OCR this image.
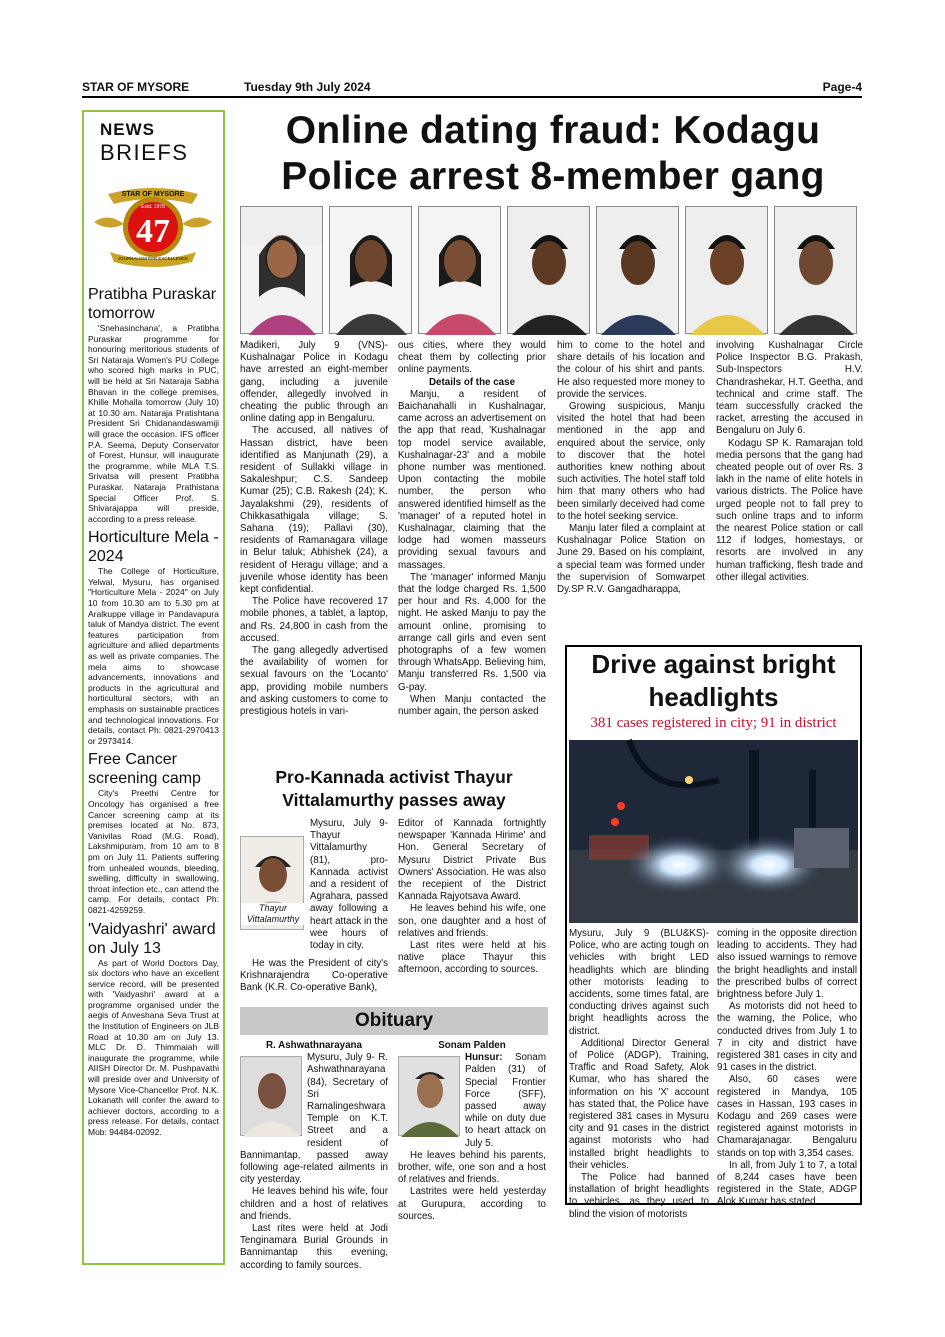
STAR OF MYSORE	Tuesday 9th July 2024	Page-4
NEWS
BRIEFS
STAR OF MYSORE
Estd. 1978
47
JOURNALISM PAR EXCELLENCE
Pratibha Puraskar tomorrow
'Snehasinchana', a Pratibha Puraskar programme for honouring meritorious students of Sri Nataraja Women's PU College who scored high marks in PUC, will be held at Sri Nataraja Sabha Bhavan in the college premises, Khille Mohalla tomorrow (July 10) at 10.30 am. Nataraja Pratishtana President Sri Chidanandaswamiji will grace the occasion. IFS officer P.A. Seema, Deputy Conservator of Forest, Hunsur, will inaugurate the programme, while MLA T.S. Srivatsa will present Pratibha Puraskar. Nataraja Prathistana Special Officer Prof. S. Shivarajappa will preside, according to a press release.
Horticulture Mela - 2024
The College of Horticulture, Yelwal, Mysuru, has organised "Horticulture Mela - 2024" on July 10 from 10.30 am to 5.30 pm at Aralkuppe village in Pandavapura taluk of Mandya district. The event features participation from agriculture and allied departments as well as private companies. The mela aims to showcase advancements, innovations and products in the agricultural and horticultural sectors, with an emphasis on sustainable practices and technological innovations. For details, contact Ph: 0821-2970413 or 2973414.
Free Cancer screening camp
City's Preethi Centre for Oncology has organised a free Cancer screening camp at its premises located at No. 873, Vanivilas Road (M.G. Road), Lakshmipuram, from 10 am to 8 pm on July 11. Patients suffering from unhealed wounds, bleeding, swelling, difficulty in swallowing, throat infection etc., can attend the camp. For details, contact Ph: 0821-4259259.
'Vaidyashri' award on July 13
As part of World Doctors Day, six doctors who have an excellent service record, will be presented with 'Vaidyashri' award at a programme organised under the aegis of Anveshana Seva Trust at the Institution of Engineers on JLB Road at 10.30 am on July 13. MLC Dr. D. Thimmaiah will inaugurate the programme, while AIISH Director Dr. M. Pushpavathi will preside over and University of Mysore Vice-Chancellor Prof. N.K. Lokanath will confer the award to achiever doctors, according to a press release. For details, contact Mob: 94484-02092.
Online dating fraud: Kodagu Police arrest 8-member gang

Madikeri, July 9 (VNS)- Kushalnagar Police in Kodagu have arrested an eight-member gang, including a juvenile offender, allegedly involved in cheating the public through an online dating app in Bengaluru.

The accused, all natives of Hassan district, have been identified as Manjunath (29), a resident of Sullakki village in Sakaleshpur; C.S. Sandeep Kumar (25); C.B. Rakesh (24); K. Jayalakshmi (29), residents of Chikkasathigala village; S. Sahana (19); Pallavi (30), residents of Ramanagara village in Belur taluk; Abhishek (24), a resident of Heragu village; and a juvenile whose identity has been kept confidential.

The Police have recovered 17 mobile phones, a tablet, a laptop, and Rs. 24,800 in cash from the accused.

The gang allegedly advertised the availability of women for sexual favours on the 'Locanto' app, providing mobile numbers and asking customers to come to prestigious hotels in vari-

ous cities, where they would cheat them by collecting prior online payments.

Details of the case

Manju, a resident of Baichanahalli in Kushalnagar, came across an advertisement on the app that read, 'Kushalnagar top model service available, Kushalnagar-23' and a mobile phone number was mentioned. Upon contacting the mobile number, the person who answered identified himself as the 'manager' of a reputed hotel in Kushalnagar, claiming that the lodge had women masseurs providing sexual favours and massages.

The 'manager' informed Manju that the lodge charged Rs. 1,500 per hour and Rs. 4,000 for the night. He asked Manju to pay the amount online, promising to arrange call girls and even sent photographs of a few women through WhatsApp. Believing him, Manju transferred Rs. 1,500 via G-pay.

When Manju contacted the number again, the person asked

him to come to the hotel and share details of his location and the colour of his shirt and pants. He also requested more money to provide the services.

Growing suspicious, Manju visited the hotel that had been mentioned in the app and enquired about the service, only to discover that the hotel authorities knew nothing about such activities. The hotel staff told him that many others who had been similarly deceived had come to the hotel seeking service.

Manju later filed a complaint at Kushalnagar Police Station on June 29. Based on his complaint, a special team was formed under the supervision of Somwarpet Dy.SP R.V. Gangadharappa,

involving Kushalnagar Circle Police Inspector B.G. Prakash, Sub-Inspectors H.V. Chandrashekar, H.T. Geetha, and technical and crime staff. The team successfully cracked the racket, arresting the accused in Bengaluru on July 6.

Kodagu SP K. Ramarajan told media persons that the gang had cheated people out of over Rs. 3 lakh in the name of elite hotels in various districts. The Police have urged people not to fall prey to such online traps and to inform the nearest Police station or call 112 if lodges, homestays, or resorts are involved in any human trafficking, flesh trade and other illegal activities.

Pro-Kannada activist Thayur Vittalamurthy passes away
Thayur Vittalamurthy

Mysuru, July 9- Thayur Vittalamurthy (81), pro-Kannada activist and a resident of Agrahara, passed away following a heart attack in the wee hours of today in city.

He was the President of city's Krishnarajendra Co-operative Bank (K.R. Co-operative Bank),

Editor of Kannada fortnightly newspaper 'Kannada Hirime' and Hon. General Secretary of Mysuru District Private Bus Owners' Association. He was also the recepient of the District Kannada Rajyotsava Award.

He leaves behind his wife, one son, one daughter and a host of relatives and friends.

Last rites were held at his native place Thayur this afternoon, according to sources.

Obituary

R. Ashwathnarayana

Mysuru, July 9- R. Ashwathnarayana (84), Secretary of Sri Ramalingeshwara Temple on K.T. Street and a resident of Bannimantap, passed away following age-related ailments in city yesterday.

He leaves behind his wife, four children and a host of relatives and friends.

Last rites were held at Jodi Tenginamara Burial Grounds in Bannimantap this evening, according to family sources.

Sonam Palden

Hunsur: Sonam Palden (31) of Special Frontier Force (SFF), passed away while on duty due to heart attack on July 5.

He leaves behind his parents, brother, wife, one son and a host of relatives and friends.

Lastrites were held yesterday at Gurupura, according to sources.

Drive against bright headlights
381 cases registered in city; 91 in district

Mysuru, July 9 (BLU&KS)- Police, who are acting tough on vehicles with bright LED headlights which are blinding other motorists leading to accidents, some times fatal, are conducting drives against such bright headlights across the district.

Additional Director General of Police (ADGP), Training, Traffic and Road Safety, Alok Kumar, who has shared the information on his 'X' account has stated that, the Police have registered 381 cases in Mysuru city and 91 cases in the district against motorists who had installed bright headlights to their vehicles.

The Police had banned installation of bright headlights to vehicles, as they used to blind the vision of motorists

coming in the opposite direction leading to accidents. They had also issued warnings to remove the bright headlights and install the prescribed bulbs of correct brightness before July 1.

As motorists did not heed to the warning, the Police, who conducted drives from July 1 to 7 in city and district have registered 381 cases in city and 91 cases in the district.

Also, 60 cases were registered in Mandya, 105 cases in Hassan, 193 cases in Kodagu and 269 cases were registered against motorists in Chamarajanagar. Bengaluru stands on top with 3,354 cases.

In all, from July 1 to 7, a total of 8,244 cases have been registered in the State, ADGP Alok Kumar has stated.
